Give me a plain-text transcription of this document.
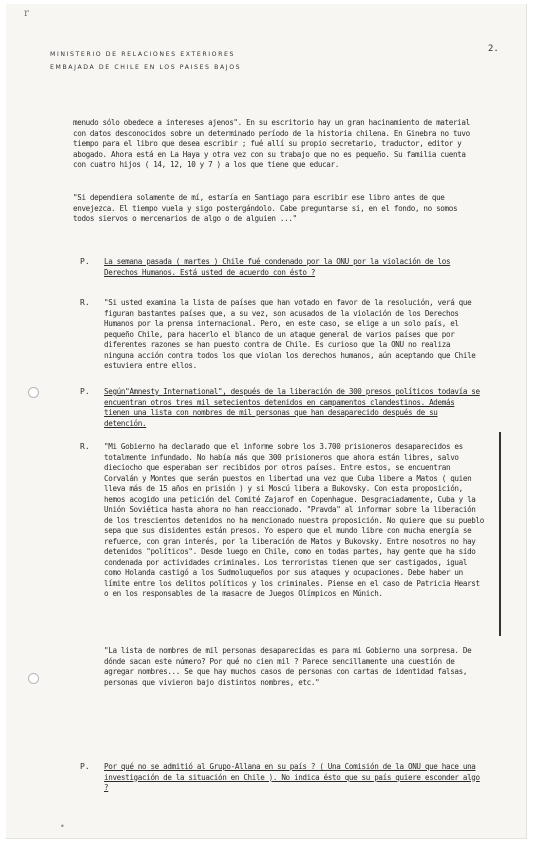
r
MINISTERIO DE RELACIONES EXTERIORES
EMBAJADA DE CHILE EN LOS PAISES BAJOS
2.
menudo sólo obedece a intereses ajenos". En su escritorio hay un gran hacinamiento de material con datos desconocidos sobre un determinado período de la historia chilena. En Ginebra no tuvo tiempo para el libro que desea escribir ; fué allí su propio secretario, traductor, editor y abogado. Ahora está en La Haya y otra vez con su trabajo que no es pequeño. Su familia cuenta con cuatro hijos ( 14, 12, 10 y 7 ) a los que tiene que educar.
"Si dependiera solamente de mí, estaría en Santiago para escribir ese libro antes de que envejezca. El tiempo vuela y sigo postergándolo. Cabe preguntarse si, en el fondo, no somos todos siervos o mercenarios de algo o de alguien ..."
P. La semana pasada ( martes ) Chile fué condenado por la ONU por la violación de los Derechos Humanos. Está usted de acuerdo con ésto ?
R. "Si usted examina la lista de países que han votado en favor de la resolución, verá que figuran bastantes países que, a su vez, son acusados de la violación de los Derechos Humanos por la prensa internacional. Pero, en este caso, se elige a un solo país, el pequeño Chile, para hacerlo el blanco de un ataque general de varios países que por diferentes razones se han puesto contra de Chile. Es curioso que la ONU no realiza ninguna acción contra todos los que violan los derechos humanos, aún aceptando que Chile estuviera entre ellos.
P. Según"Amnesty International", después de la liberación de 300 presos políticos todavía se encuentran otros tres mil setecientos detenidos en campamentos clandestinos. Además tienen una lista con nombres de mil personas que han desaparecido después de su detención.
R. "Mi Gobierno ha declarado que el informe sobre los 3.700 prisioneros desaparecidos es totalmente infundado. No había más que 300 prisioneros que ahora están libres, salvo dieciocho que esperaban ser recibidos por otros países. Entre estos, se encuentran Corvalán y Montes que serán puestos en libertad una vez que Cuba libere a Matos ( quien lleva más de 15 años en prisión ) y si Moscú libera a Bukovsky. Con esta proposición, hemos acogido una petición del Comité Zajarof en Copenhague. Desgraciadamente, Cuba y la Unión Soviética hasta ahora no han reaccionado. "Pravda" al informar sobre la liberación de los trescientos detenidos no ha mencionado nuestra proposición. No quiere que su pueblo sepa que sus disidentes están presos. Yo espero que el mundo libre con mucha energía se refuerce, con gran interés, por la liberación de Matos y Bukovsky. Entre nosotros no hay detenidos "políticos". Desde luego en Chile, como en todas partes, hay gente que ha sido condenada por actividades criminales. Los terroristas tienen que ser castigados, igual como Holanda castigó a los Sudmoluqueños por sus ataques y ocupaciones. Debe haber un límite entre los delitos políticos y los criminales. Piense en el caso de Patricia Hearst o en los responsables de la masacre de Juegos Olímpicos en Múnich.
"La lista de nombres de mil personas desaparecidas es para mi Gobierno una sorpresa. De dónde sacan este número? Por qué no cien mil ? Parece sencillamente una cuestión de agregar nombres... Se que hay muchos casos de personas con cartas de identidad falsas, personas que vivieron bajo distintos nombres, etc."
P. Por qué no se admitió al Grupo-Allana en su país ? ( Una Comisión de la ONU que hace una investigación de la situación en Chile ). No indica ésto que su país quiere esconder algo ?
•
